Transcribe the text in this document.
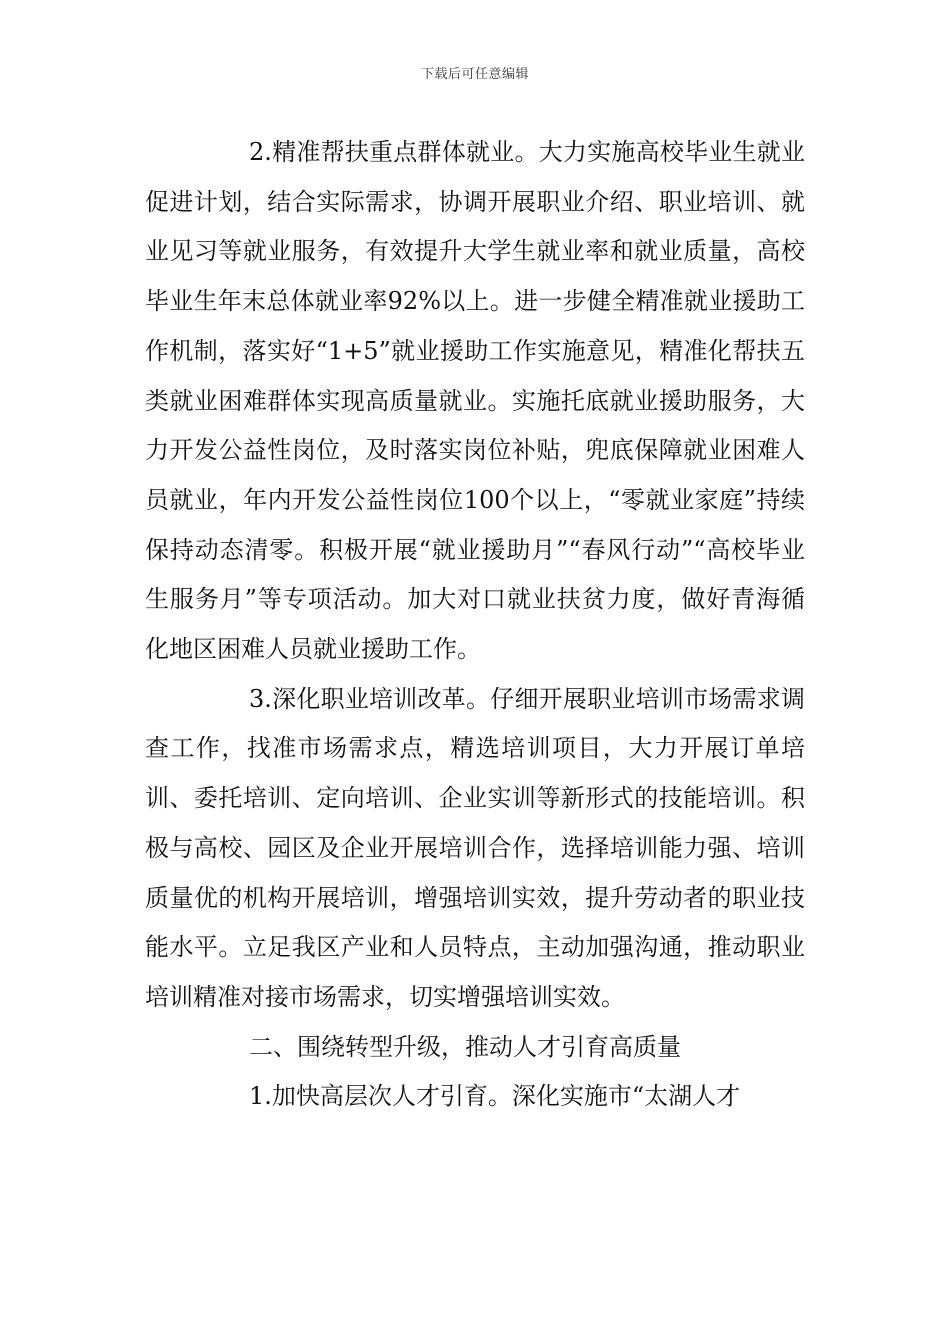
下载后可任意编辑

2.精准帮扶重点群体就业。大力实施高校毕业生就业促进计划，结合实际需求，协调开展职业介绍、职业培训、就业见习等就业服务，有效提升大学生就业率和就业质量，高校毕业生年末总体就业率92%以上。进一步健全精准就业援助工作机制，落实好“1+5”就业援助工作实施意见，精准化帮扶五类就业困难群体实现高质量就业。实施托底就业援助服务，大力开发公益性岗位，及时落实岗位补贴，兜底保障就业困难人员就业，年内开发公益性岗位100个以上，“零就业家庭”持续保持动态清零。积极开展“就业援助月”“春风行动”“高校毕业生服务月”等专项活动。加大对口就业扶贫力度，做好青海循化地区困难人员就业援助工作。

3.深化职业培训改革。仔细开展职业培训市场需求调查工作，找准市场需求点，精选培训项目，大力开展订单培训、委托培训、定向培训、企业实训等新形式的技能培训。积极与高校、园区及企业开展培训合作，选择培训能力强、培训质量优的机构开展培训，增强培训实效，提升劳动者的职业技能水平。立足我区产业和人员特点，主动加强沟通，推动职业培训精准对接市场需求，切实增强培训实效。

二、围绕转型升级，推动人才引育高质量

1.加快高层次人才引育。深化实施市“太湖人才
